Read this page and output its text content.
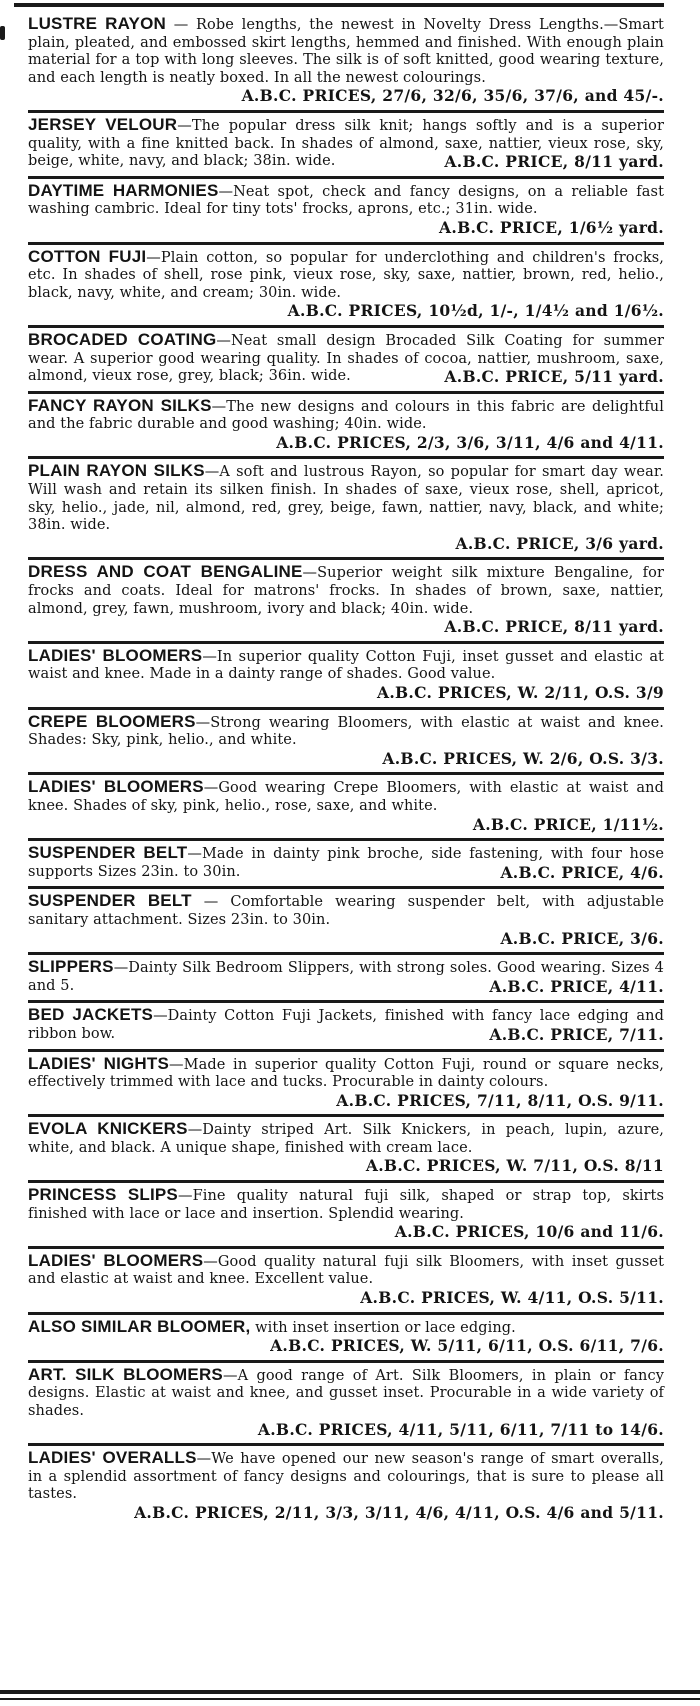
LUSTRE RAYON — Robe lengths, the newest in Novelty Dress Lengths.—Smart plain, pleated, and embossed skirt lengths, hemmed and finished. With enough plain material for a top with long sleeves. The silk is of soft knitted, good wearing texture, and each length is neatly boxed. In all the newest colourings.
A.B.C. PRICES, 27/6, 32/6, 35/6, 37/6, and 45/-.
JERSEY VELOUR—The popular dress silk knit; hangs softly and is a superior quality, with a fine knitted back. In shades of almond, saxe, nattier, vieux rose, sky, beige, white, navy, and black; 38in. wide.	A.B.C. PRICE, 8/11 yard.
DAYTIME HARMONIES—Neat spot, check and fancy designs, on a reliable fast washing cambric. Ideal for tiny tots' frocks, aprons, etc.; 31in. wide.
A.B.C. PRICE, 1/6½ yard.
COTTON FUJI—Plain cotton, so popular for underclothing and children's frocks, etc. In shades of shell, rose pink, vieux rose, sky, saxe, nattier, brown, red, helio., black, navy, white, and cream; 30in. wide.
A.B.C. PRICES, 10½d, 1/-, 1/4½ and 1/6½.
BROCADED COATING—Neat small design Brocaded Silk Coating for summer wear. A superior good wearing quality. In shades of cocoa, nattier, mushroom, saxe, almond, vieux rose, grey, black; 36in. wide.	A.B.C. PRICE, 5/11 yard.
FANCY RAYON SILKS—The new designs and colours in this fabric are delightful and the fabric durable and good washing; 40in. wide.
A.B.C. PRICES, 2/3, 3/6, 3/11, 4/6 and 4/11.
PLAIN RAYON SILKS—A soft and lustrous Rayon, so popular for smart day wear. Will wash and retain its silken finish. In shades of saxe, vieux rose, shell, apricot, sky, helio., jade, nil, almond, red, grey, beige, fawn, nattier, navy, black, and white; 38in. wide.
A.B.C. PRICE, 3/6 yard.
DRESS AND COAT BENGALINE—Superior weight silk mixture Bengaline, for frocks and coats. Ideal for matrons' frocks. In shades of brown, saxe, nattier, almond, grey, fawn, mushroom, ivory and black; 40in. wide.
A.B.C. PRICE, 8/11 yard.
LADIES' BLOOMERS—In superior quality Cotton Fuji, inset gusset and elastic at waist and knee. Made in a dainty range of shades. Good value.
A.B.C. PRICES, W. 2/11, O.S. 3/9
CREPE BLOOMERS—Strong wearing Bloomers, with elastic at waist and knee. Shades: Sky, pink, helio., and white.
A.B.C. PRICES, W. 2/6, O.S. 3/3.
LADIES' BLOOMERS—Good wearing Crepe Bloomers, with elastic at waist and knee. Shades of sky, pink, helio., rose, saxe, and white.
A.B.C. PRICE, 1/11½.
SUSPENDER BELT—Made in dainty pink broche, side fastening, with four hose supports Sizes 23in. to 30in.	A.B.C. PRICE, 4/6.
SUSPENDER BELT — Comfortable wearing suspender belt, with adjustable sanitary attachment. Sizes 23in. to 30in.
A.B.C. PRICE, 3/6.
SLIPPERS—Dainty Silk Bedroom Slippers, with strong soles. Good wearing. Sizes 4 and 5.	A.B.C. PRICE, 4/11.
BED JACKETS—Dainty Cotton Fuji Jackets, finished with fancy lace edging and ribbon bow.	A.B.C. PRICE, 7/11.
LADIES' NIGHTS—Made in superior quality Cotton Fuji, round or square necks, effectively trimmed with lace and tucks. Procurable in dainty colours.
A.B.C. PRICES, 7/11, 8/11, O.S. 9/11.
EVOLA KNICKERS—Dainty striped Art. Silk Knickers, in peach, lupin, azure, white, and black. A unique shape, finished with cream lace.
A.B.C. PRICES, W. 7/11, O.S. 8/11
PRINCESS SLIPS—Fine quality natural fuji silk, shaped or strap top, skirts finished with lace or lace and insertion. Splendid wearing.
A.B.C. PRICES, 10/6 and 11/6.
LADIES' BLOOMERS—Good quality natural fuji silk Bloomers, with inset gusset and elastic at waist and knee. Excellent value.
A.B.C. PRICES, W. 4/11, O.S. 5/11.
ALSO SIMILAR BLOOMER, with inset insertion or lace edging.
A.B.C. PRICES, W. 5/11, 6/11, O.S. 6/11, 7/6.
ART. SILK BLOOMERS—A good range of Art. Silk Bloomers, in plain or fancy designs. Elastic at waist and knee, and gusset inset. Procurable in a wide variety of shades.
A.B.C. PRICES, 4/11, 5/11, 6/11, 7/11 to 14/6.
LADIES' OVERALLS—We have opened our new season's range of smart overalls, in a splendid assortment of fancy designs and colourings, that is sure to please all tastes.
A.B.C. PRICES, 2/11, 3/3, 3/11, 4/6, 4/11, O.S. 4/6 and 5/11.
